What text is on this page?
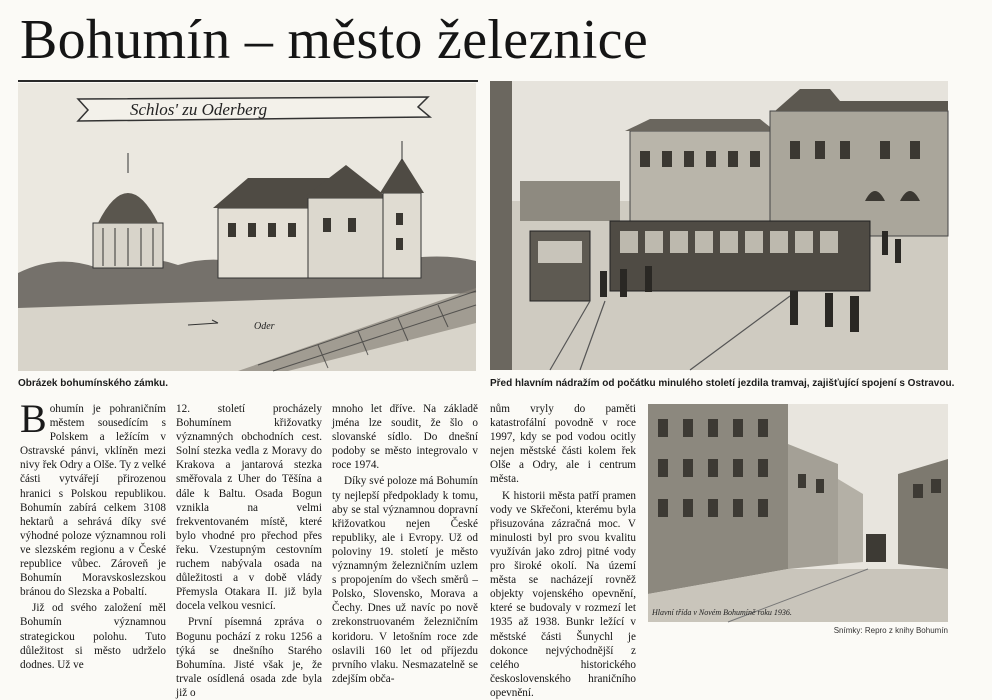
Bohumín – město železnice
Schlos' zu Oderberg
Oder
Obrázek bohumínského zámku.	Před hlavním nádražím od počátku minulého století jezdila tramvaj, zajišťující spojení s Ostravou.

Bohumín je pohraničním městem sousedícím s Polskem a ležícím v Ostravské pánvi, vklíněn mezi nivy řek Odry a Olše. Ty z velké části vytvářejí přirozenou hranici s Polskou republikou. Bohumín zabírá celkem 3108 hektarů a sehrává díky své výhodné poloze významnou roli ve slezském regionu a v České republice vůbec. Zároveň je Bohumín Moravskoslezskou bránou do Slezska a Pobaltí.

Již od svého založení měl Bohumín významnou strategickou polohu. Tuto důležitost si město udrželo dodnes. Už ve

12. století procházely Bohumínem křižovatky významných obchodních cest. Solní stezka vedla z Moravy do Krakova a jantarová stezka směřovala z Uher do Těšína a dále k Baltu. Osada Bogun vznikla na velmi frekventovaném místě, které bylo vhodné pro přechod přes řeku. Vzestupným cestovním ruchem nabývala osada na důležitosti a v době vlády Přemysla Otakara II. již byla docela velkou vesnicí.

První písemná zpráva o Bogunu pochází z roku 1256 a týká se dnešního Starého Bohumína. Jisté však je, že trvale osídlená osada zde byla již o

mnoho let dříve. Na základě jména lze soudit, že šlo o slovanské sídlo. Do dnešní podoby se město integrovalo v roce 1974.

Díky své poloze má Bohumín ty nejlepší předpoklady k tomu, aby se stal významnou dopravní křižovatkou nejen České republiky, ale i Evropy. Už od poloviny 19. století je město významným železničním uzlem s propojením do všech směrů – Polsko, Slovensko, Morava a Čechy. Dnes už navíc po nově zrekonstruovaném železničním koridoru. V letošním roce zde oslavili 160 let od příjezdu prvního vlaku. Nesmazatelně se zdejším obča-

nům vryly do paměti katastrofální povodně v roce 1997, kdy se pod vodou ocitly nejen městské části kolem řek Olše a Odry, ale i centrum města.

K historii města patří pramen vody ve Skřečoni, kterému byla přisuzována zázračná moc. V minulosti byl pro svou kvalitu využíván jako zdroj pitné vody pro široké okolí. Na území města se nacházejí rovněž objekty vojenského opevnění, které se budovaly v rozmezí let 1935 až 1938. Bunkr ležící v městské části Šunychl je dokonce nejvýchodnější z celého historického československého hraničního opevnění.

Hlavní třída v Novém Bohumíně roku 1936.
Snímky: Repro z knihy Bohumín
